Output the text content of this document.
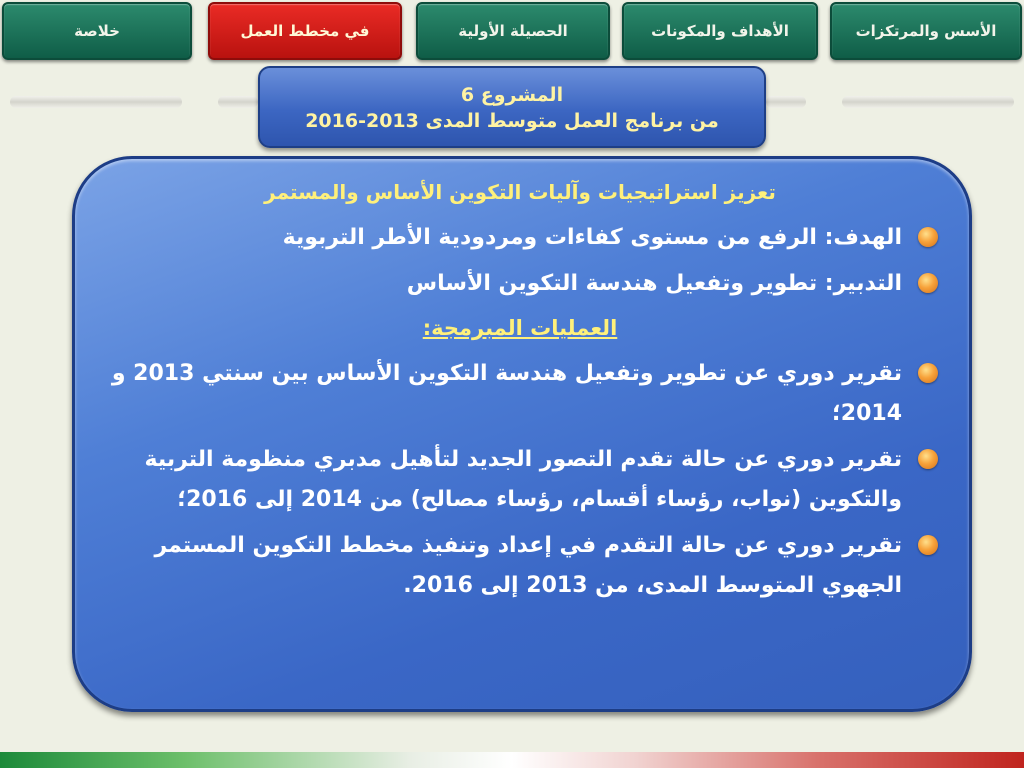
خلاصة	في مخطط العمل	الحصيلة الأولية	الأهداف والمكونات	الأسس والمرتكزات
المشروع 6
من برنامج العمل متوسط المدى 2013-2016
تعزيز استراتيجيات وآليات التكوين الأساس والمستمر
الهدف: الرفع من مستوى كفاءات ومردودية الأطر التربوية
التدبير: تطوير وتفعيل هندسة التكوين الأساس
العمليات المبرمجة:
تقرير دوري عن تطوير وتفعيل هندسة التكوين الأساس بين سنتي 2013 و 2014؛
تقرير دوري عن حالة تقدم التصور الجديد لتأهيل مدبري منظومة التربية والتكوين (نواب، رؤساء أقسام، رؤساء مصالح) من 2014 إلى 2016؛
تقرير دوري عن حالة التقدم في إعداد وتنفيذ مخطط التكوين المستمر الجهوي المتوسط المدى، من 2013 إلى 2016.
